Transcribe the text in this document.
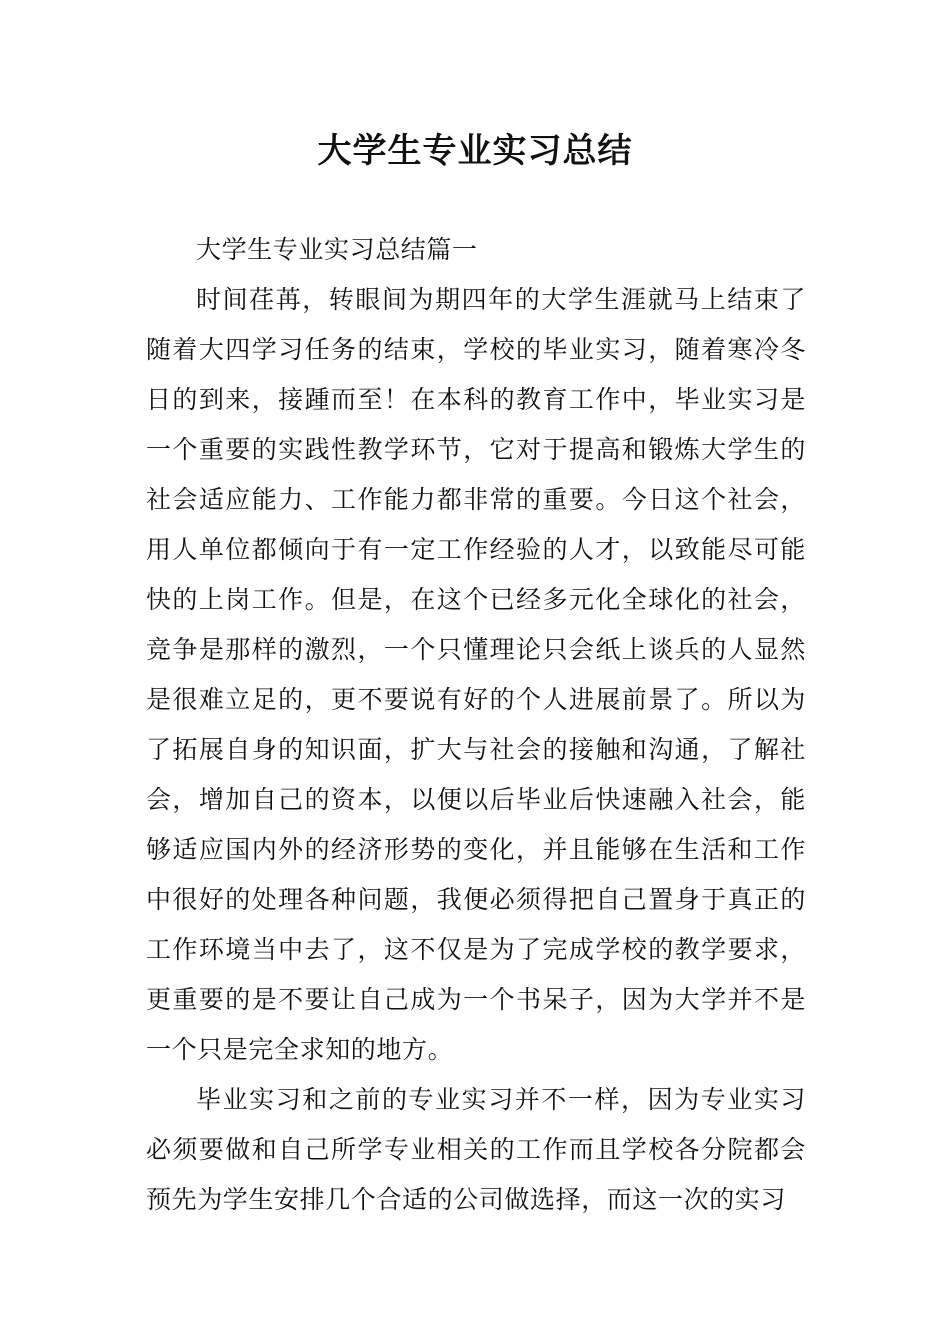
大学生专业实习总结

大学生专业实习总结篇一

时间荏苒，转眼间为期四年的大学生涯就马上结束了随着大四学习任务的结束，学校的毕业实习，随着寒冷冬日的到来，接踵而至！在本科的教育工作中，毕业实习是一个重要的实践性教学环节，它对于提高和锻炼大学生的社会适应能力、工作能力都非常的重要。今日这个社会，用人单位都倾向于有一定工作经验的人才，以致能尽可能快的上岗工作。但是，在这个已经多元化全球化的社会，竞争是那样的激烈，一个只懂理论只会纸上谈兵的人显然是很难立足的，更不要说有好的个人进展前景了。所以为了拓展自身的知识面，扩大与社会的接触和沟通，了解社会，增加自己的资本，以便以后毕业后快速融入社会，能够适应国内外的经济形势的变化，并且能够在生活和工作中很好的处理各种问题，我便必须得把自己置身于真正的工作环境当中去了，这不仅是为了完成学校的教学要求，更重要的是不要让自己成为一个书呆子，因为大学并不是一个只是完全求知的地方。

毕业实习和之前的专业实习并不一样，因为专业实习必须要做和自己所学专业相关的工作而且学校各分院都会预先为学生安排几个合适的公司做选择，而这一次的实习
